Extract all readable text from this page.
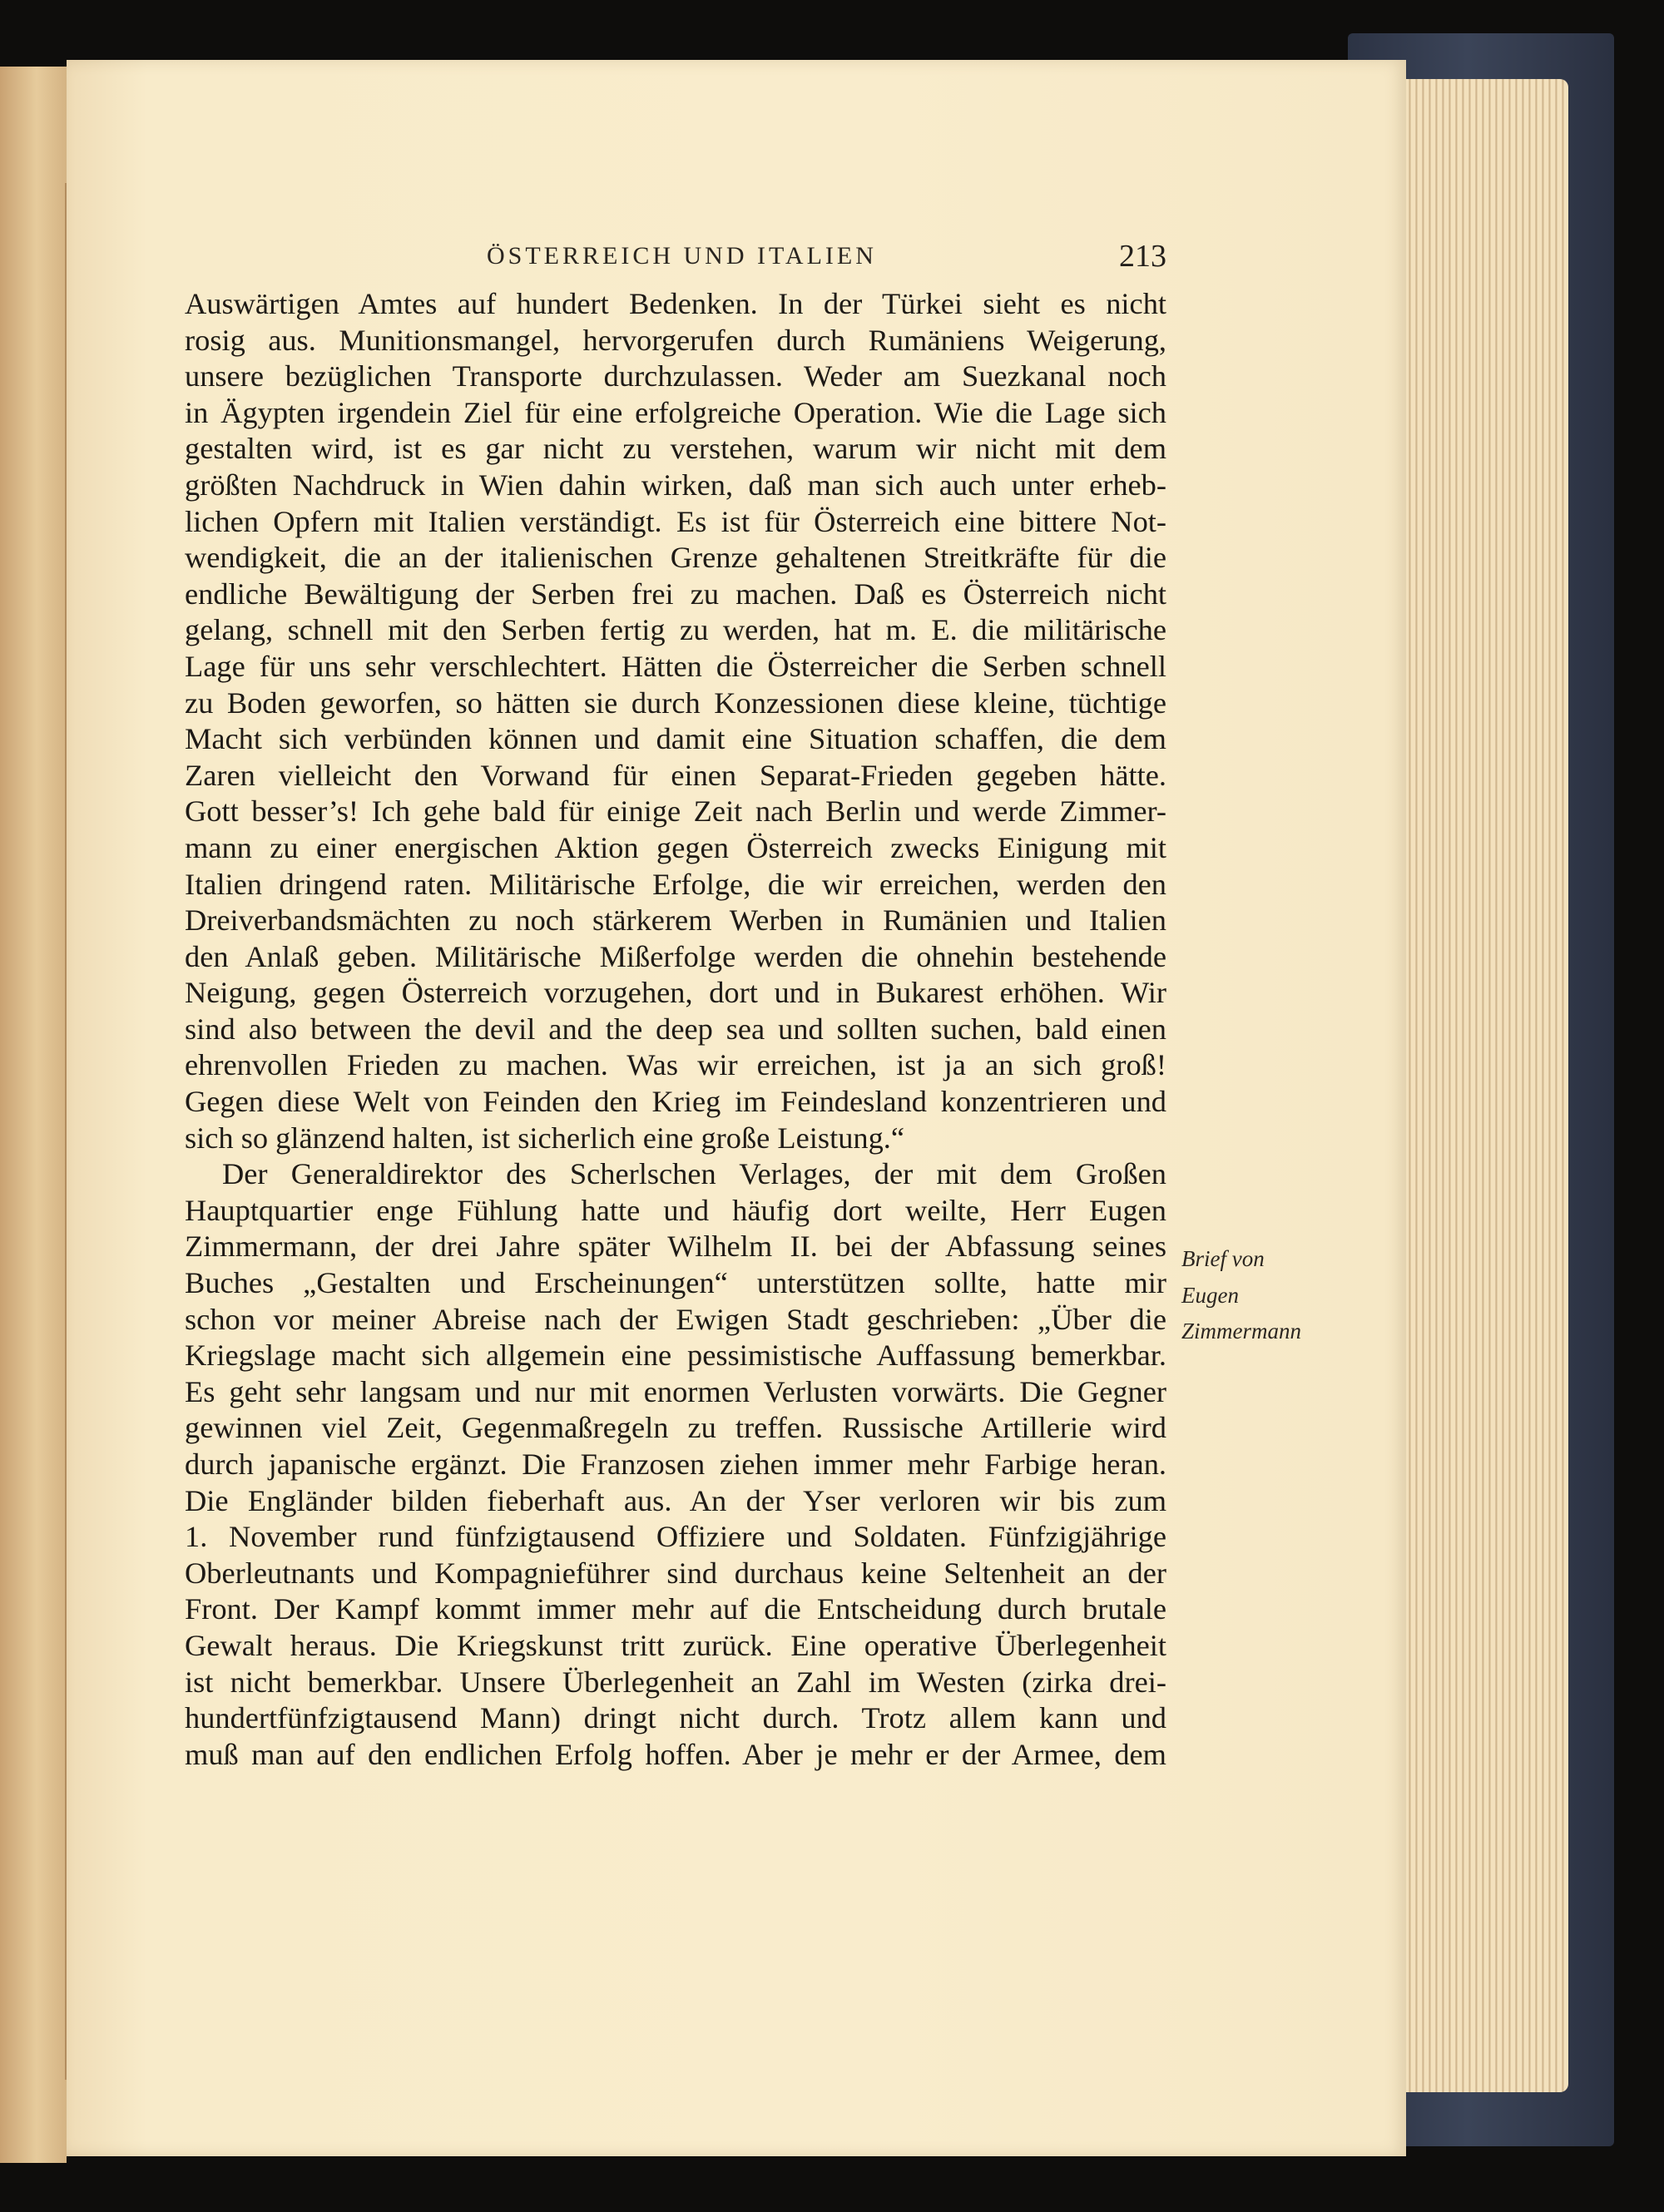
ÖSTERREICH UND ITALIEN	213
Auswärtigen Amtes auf hundert Bedenken. In der Türkei sieht es nicht
rosig aus. Munitionsmangel, hervorgerufen durch Rumäniens Weigerung,
unsere bezüglichen Transporte durchzulassen. Weder am Suezkanal noch
in Ägypten irgendein Ziel für eine erfolgreiche Operation. Wie die Lage sich
gestalten wird, ist es gar nicht zu verstehen, warum wir nicht mit dem
größten Nachdruck in Wien dahin wirken, daß man sich auch unter erheb-
lichen Opfern mit Italien verständigt. Es ist für Österreich eine bittere Not-
wendigkeit, die an der italienischen Grenze gehaltenen Streitkräfte für die
endliche Bewältigung der Serben frei zu machen. Daß es Österreich nicht
gelang, schnell mit den Serben fertig zu werden, hat m. E. die militärische
Lage für uns sehr verschlechtert. Hätten die Österreicher die Serben schnell
zu Boden geworfen, so hätten sie durch Konzessionen diese kleine, tüchtige
Macht sich verbünden können und damit eine Situation schaffen, die dem
Zaren vielleicht den Vorwand für einen Separat-Frieden gegeben hätte.
Gott besser’s! Ich gehe bald für einige Zeit nach Berlin und werde Zimmer-
mann zu einer energischen Aktion gegen Österreich zwecks Einigung mit
Italien dringend raten. Militärische Erfolge, die wir erreichen, werden den
Dreiverbandsmächten zu noch stärkerem Werben in Rumänien und Italien
den Anlaß geben. Militärische Mißerfolge werden die ohnehin bestehende
Neigung, gegen Österreich vorzugehen, dort und in Bukarest erhöhen. Wir
sind also between the devil and the deep sea und sollten suchen, bald einen
ehrenvollen Frieden zu machen. Was wir erreichen, ist ja an sich groß!
Gegen diese Welt von Feinden den Krieg im Feindesland konzentrieren und
sich so glänzend halten, ist sicherlich eine große Leistung.“
Der Generaldirektor des Scherlschen Verlages, der mit dem Großen
Hauptquartier enge Fühlung hatte und häufig dort weilte, Herr Eugen
Zimmermann, der drei Jahre später Wilhelm II. bei der Abfassung seines
Buches „Gestalten und Erscheinungen“ unterstützen sollte, hatte mir
schon vor meiner Abreise nach der Ewigen Stadt geschrieben: „Über die
Kriegslage macht sich allgemein eine pessimistische Auffassung bemerkbar.
Es geht sehr langsam und nur mit enormen Verlusten vorwärts. Die Gegner
gewinnen viel Zeit, Gegenmaßregeln zu treffen. Russische Artillerie wird
durch japanische ergänzt. Die Franzosen ziehen immer mehr Farbige heran.
Die Engländer bilden fieberhaft aus. An der Yser verloren wir bis zum
1. November rund fünfzigtausend Offiziere und Soldaten. Fünfzigjährige
Oberleutnants und Kompagnieführer sind durchaus keine Seltenheit an der
Front. Der Kampf kommt immer mehr auf die Entscheidung durch brutale
Gewalt heraus. Die Kriegskunst tritt zurück. Eine operative Überlegenheit
ist nicht bemerkbar. Unsere Überlegenheit an Zahl im Westen (zirka drei-
hundertfünfzigtausend Mann) dringt nicht durch. Trotz allem kann und
muß man auf den endlichen Erfolg hoffen. Aber je mehr er der Armee, dem
Brief von
Eugen
Zimmermann
